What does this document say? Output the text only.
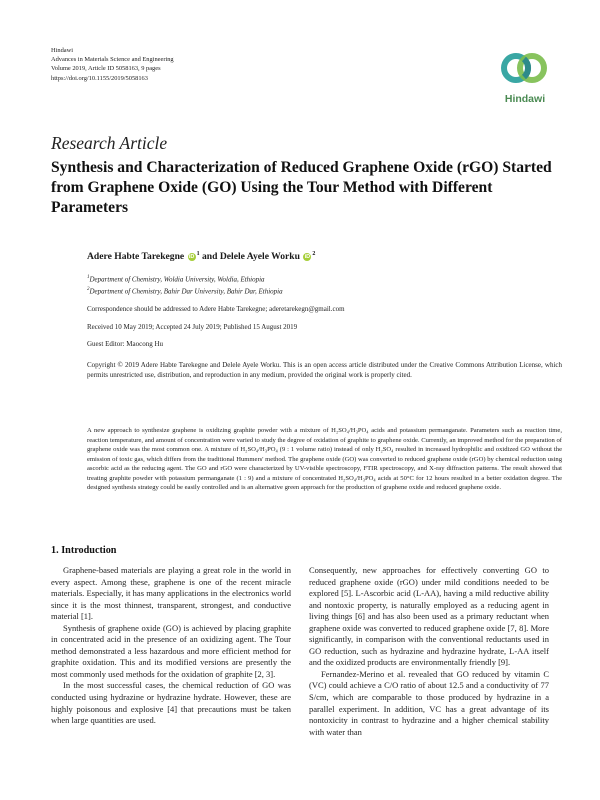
Hindawi
Advances in Materials Science and Engineering
Volume 2019, Article ID 5058163, 9 pages
https://doi.org/10.1155/2019/5058163
Hindawi
Research Article
Synthesis and Characterization of Reduced Graphene Oxide (rGO) Started from Graphene Oxide (GO) Using the Tour Method with Different Parameters
Adere Habte Tarekegne $iD^1$ and Delele Ayele Worku $iD^2$
$^1$Department of Chemistry, Woldia University, Woldia, Ethiopia
$^2$Department of Chemistry, Bahir Dar University, Bahir Dar, Ethiopia
Correspondence should be addressed to Adere Habte Tarekegne; aderetarekegn@gmail.com
Received 10 May 2019; Accepted 24 July 2019; Published 15 August 2019
Guest Editor: Maocong Hu
Copyright © 2019 Adere Habte Tarekegne and Delele Ayele Worku. This is an open access article distributed under the Creative Commons Attribution License, which permits unrestricted use, distribution, and reproduction in any medium, provided the original work is properly cited.
A new approach to synthesize graphene is oxidizing graphite powder with a mixture of H₂SO₄/H₃PO₄ acids and potassium permanganate. Parameters such as reaction time, reaction temperature, and amount of concentration were varied to study the degree of oxidation of graphite to graphene oxide. Currently, an improved method for the preparation of graphene oxide was the most common one. A mixture of H₂SO₄/H₃PO₄ (9 : 1 volume ratio) instead of only H₂SO₄ resulted in increased hydrophilic and oxidized GO without the emission of toxic gas, which differs from the traditional Hummers' method. The graphene oxide (GO) was converted to reduced graphene oxide (rGO) by chemical reduction using ascorbic acid as the reducing agent. The GO and rGO were characterized by UV-visible spectroscopy, FTIR spectroscopy, and X-ray diffraction patterns. The result showed that treating graphite powder with potassium permanganate (1 : 9) and a mixture of concentrated H₂SO₄/H₃PO₄ acids at 50°C for 12 hours resulted in a better oxidation degree. The designed synthesis strategy could be easily controlled and is an alternative green approach for the production of graphene oxide and reduced graphene oxide.
1. Introduction

Graphene-based materials are playing a great role in the world in every aspect. Among these, graphene is one of the recent miracle materials. Especially, it has many applications in the electronics world since it is the most thinnest, transparent, strongest, and conductive material [1].

Synthesis of graphene oxide (GO) is achieved by placing graphite in concentrated acid in the presence of an oxidizing agent. The Tour method demonstrated a less hazardous and more efficient method for graphite oxidation. This and its modified versions are presently the most commonly used methods for the oxidation of graphite [2, 3].

In the most successful cases, the chemical reduction of GO was conducted using hydrazine or hydrazine hydrate. However, these are highly poisonous and explosive [4] that precautions must be taken when large quantities are used.

Consequently, new approaches for effectively converting GO to reduced graphene oxide (rGO) under mild conditions needed to be explored [5]. L-Ascorbic acid (L-AA), having a mild reductive ability and nontoxic property, is naturally employed as a reducing agent in living things [6] and has also been used as a primary reductant when graphene oxide was converted to reduced graphene oxide [7, 8]. More significantly, in comparison with the conventional reductants used in GO reduction, such as hydrazine and hydrazine hydrate, L-AA itself and the oxidized products are environmentally friendly [9].

Fernandez-Merino et al. revealed that GO reduced by vitamin C (VC) could achieve a C/O ratio of about 12.5 and a conductivity of 77 S/cm, which are comparable to those produced by hydrazine in a parallel experiment. In addition, VC has a great advantage of its nontoxicity in contrast to hydrazine and a higher chemical stability with water than
